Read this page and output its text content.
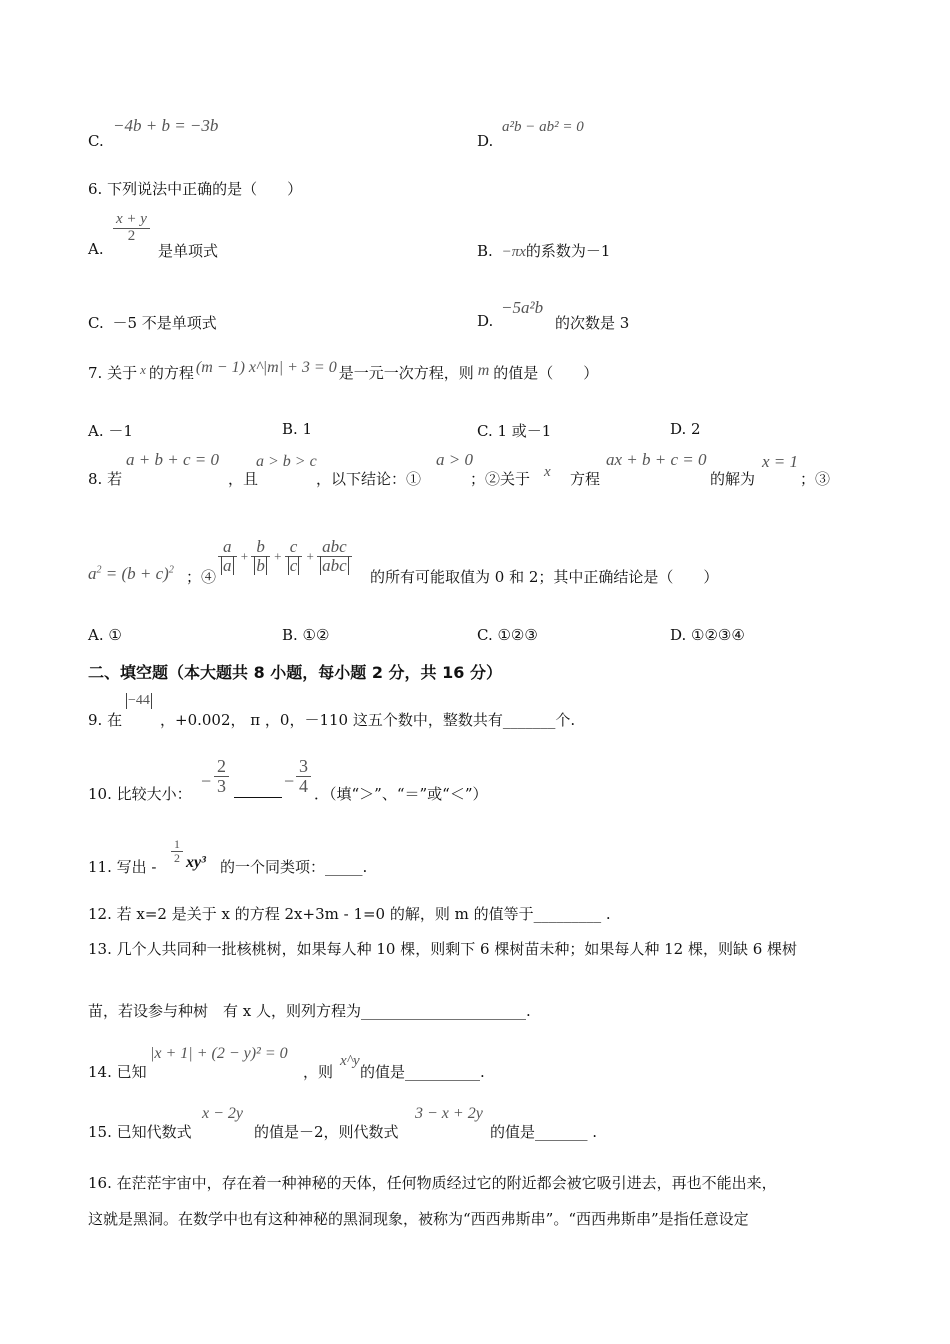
C.
−4b + b = −3b
D.
a²b − ab² = 0
6. 下列说法中正确的是（　　）
A.
$\frac{x + y}{2}$
是单项式	B. −πx的系数为－1
C. －5 不是单项式	D.
−5a²b
的次数是 3
7. 关于 x 的方程 (m − 1) x^|m| + 3 = 0 是一元一次方程，则 m 的值是（　　）
A. －1	B. 1	C. 1 或－1	D. 2
8. 若
a + b + c = 0
，且
a > b > c
，以下结论：①
a > 0
；②关于 x 方程
ax + b + c = 0
的解为
x = 1
；③
$a^2 = (b + c)^2$
；④
$\frac{a}{a} + \frac{b}{b} + \frac{c}{c} + \frac{\text{abc}}{\text{abc}}$
的所有可能取值为 0 和 2；其中正确结论是（　　）
A. ①	B. ①②	C. ①②③	D. ①②③④
二、填空题（本大题共 8 小题，每小题 2 分，共 16 分）
9. 在
−44
，+0.002， π ，0，－110 这五个数中，整数共有_______个.
10. 比较大小：
− $\frac{2}{3}$	− $\frac{3}{4}$ ．（填“＞”、“＝”或“＜”）
11. 写出 -
$\frac{1}{2} xy^3$ 的一个同类项：_____.
12. 若 x=2 是关于 x 的方程 2x+3m - 1=0 的解，则 m 的值等于_________ .
13. 几个人共同种一批核桃树，如果每人种 10 棵，则剩下 6 棵树苗未种；如果每人种 12 棵，则缺 6 棵树
苗，若设参与种树　有 x 人，则列方程为______________________.
14. 已知
|x + 1| + (2 − y)² = 0
，则
x^y
的值是__________.
15. 已知代数式
x − 2y
的值是－2，则代数式
3 − x + 2y
的值是_______ .
16. 在茫茫宇宙中，存在着一种神秘的天体，任何物质经过它的附近都会被它吸引进去，再也不能出来，
这就是黑洞。在数学中也有这种神秘的黑洞现象，被称为“西西弗斯串”。“西西弗斯串”是指任意设定
